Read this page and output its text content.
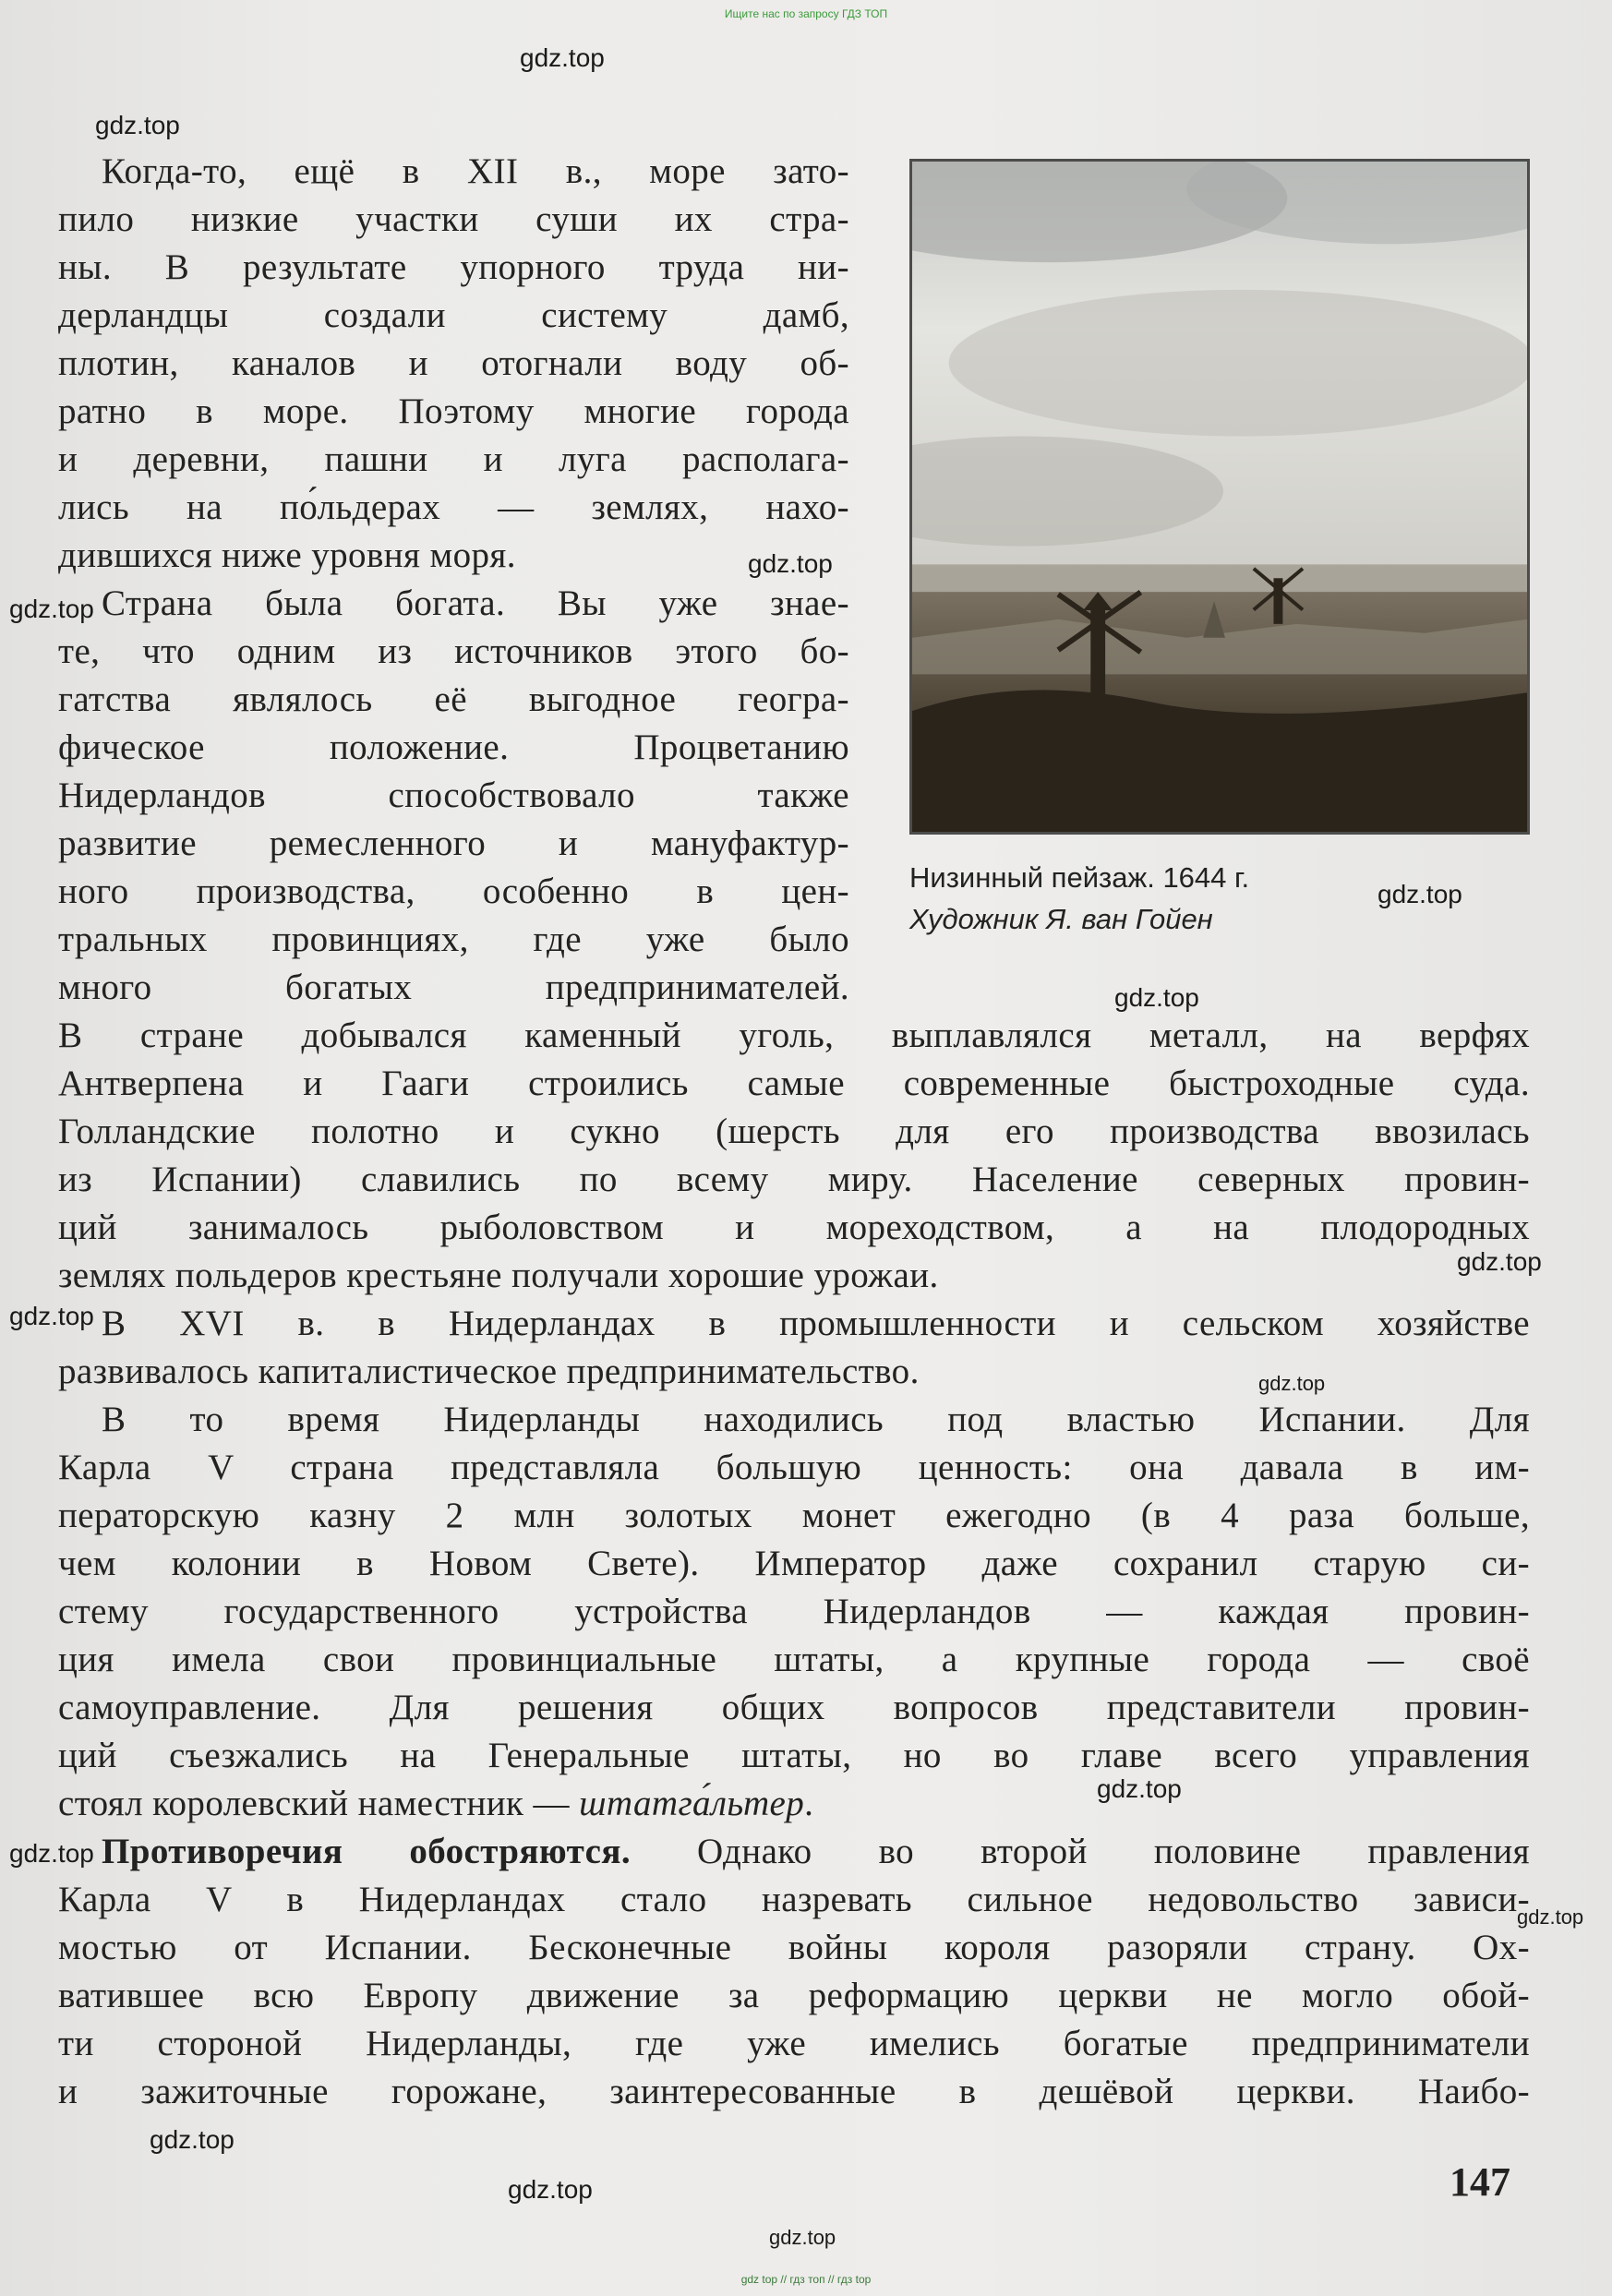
Ищите нас по запросу ГДЗ ТОП
gdz.top
gdz.top
gdz.top
gdz.top
gdz.top
gdz.top
gdz.top
gdz.top
gdz.top
gdz.top
gdz.top
gdz.top
gdz.top
gdz.top
gdz.top
Низинный пейзаж. 1644 г.
Художник Я. ван Гойен
Когда-то, ещё в XII в., море зато-
пило низкие участки суши их стра-
ны. В результате упорного труда ни-
дерландцы создали систему дамб,
плотин, каналов и отогнали воду об-
ратно в море. Поэтому многие города
и деревни, пашни и луга располага-
лись на по́льдерах — землях, нахо-
дившихся ниже уровня моря.
Страна была богата. Вы уже знае-
те, что одним из источников этого бо-
гатства являлось её выгодное геогра-
фическое положение. Процветанию
Нидерландов способствовало также
развитие ремесленного и мануфактур-
ного производства, особенно в цен-
тральных провинциях, где уже было
много богатых предпринимателей.
В стране добывался каменный уголь, выплавлялся металл, на верфях
Антверпена и Гааги строились самые современные быстроходные суда.
Голландские полотно и сукно (шерсть для его производства ввозилась
из Испании) славились по всему миру. Население северных провин-
ций занималось рыболовством и мореходством, а на плодородных
землях польдеров крестьяне получали хорошие урожаи.
В XVI в. в Нидерландах в промышленности и сельском хозяйстве
развивалось капиталистическое предпринимательство.
В то время Нидерланды находились под властью Испании. Для
Карла V страна представляла большую ценность: она давала в им-
ператорскую казну 2 млн золотых монет ежегодно (в 4 раза больше,
чем колонии в Новом Свете). Император даже сохранил старую си-
стему государственного устройства Нидерландов — каждая провин-
ция имела свои провинциальные штаты, а крупные города — своё
самоуправление. Для решения общих вопросов представители провин-
ций съезжались на Генеральные штаты, но во главе всего управления
стоял королевский наместник — штатга́льтер.
Противоречия обостряются. Однако во второй половине правления
Карла V в Нидерландах стало назревать сильное недовольство зависи-
мостью от Испании. Бесконечные войны короля разоряли страну. Ох-
ватившее всю Европу движение за реформацию церкви не могло обой-
ти стороной Нидерланды, где уже имелись богатые предприниматели
и зажиточные горожане, заинтересованные в дешёвой церкви. Наибо-
147
gdz top // гдз топ // гдз top
